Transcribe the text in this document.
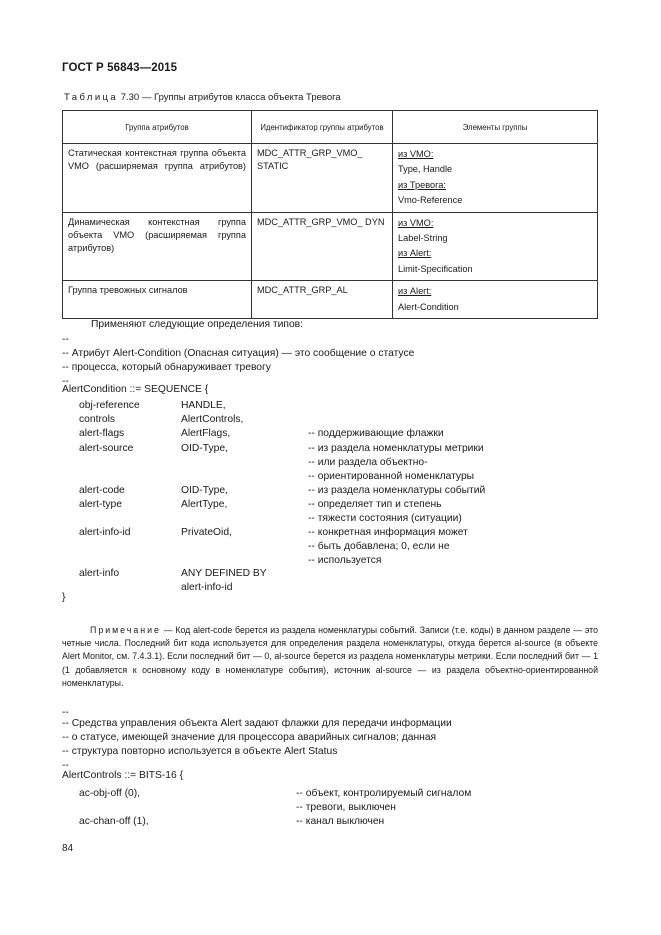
ГОСТ Р 56843—2015
Таблица 7.30 — Группы атрибутов класса объекта Тревога
Группа атрибутов	Идентификатор группы атрибутов	Элементы группы
Статическая контекстная группа объекта VMO (расширяемая группа атрибутов)	MDC_ATTR_GRP_VMO_ STATIC	из VMO:
Type, Handle
из Тревога:
Vmo-Reference

Динамическая контекстная группа объекта VMO (расширяемая группа атрибутов)	MDC_ATTR_GRP_VMO_ DYN	из VMO:
Label-String
из Alert:
Limit-Specification

Группа тревожных сигналов	MDC_ATTR_GRP_AL	из Alert:
Alert-Condition
Применяют следующие определения типов:
--
-- Атрибут Alert-Condition (Опасная ситуация) — это сообщение о статусе
-- процесса, который обнаруживает тревогу
--
AlertCondition ::= SEQUENCE {
obj-reference	HANDLE,
controls	AlertControls,
alert-flags	AlertFlags,	-- поддерживающие флажки
alert-source	OID-Type,	-- из раздела номенклатуры метрики
-- или раздела объектно-
-- ориентированной номенклатуры
alert-code	OID-Type,	-- из раздела номенклатуры событий
alert-type	AlertType,	-- определяет тип и степень
-- тяжести состояния (ситуации)
alert-info-id	PrivateOid,	-- конкретная информация может
-- быть добавлена; 0, если не
-- используется
alert-info	ANY DEFINED BY
alert-info-id
}
Примечание — Код alert-code берется из раздела номенклатуры событий. Записи (т.е. коды) в данном разделе — это четные числа. Последний бит кода используется для определения раздела номенклатуры, откуда берется al-source (в объекте Alert Monitor, см. 7.4.3.1). Если последний бит — 0, al-source берется из раздела номенклатуры метрики. Если последний бит — 1 (1 добавляется к основному коду в номенклатуре события), источник al-source — из раздела объектно-ориентированной номенклатуры.
--
-- Средства управления объекта Alert задают флажки для передачи информации
-- о статусе, имеющей значение для процессора аварийных сигналов; данная
-- структура повторно используется в объекте Alert Status
--
AlertControls ::= BITS-16 {
ac-obj-off (0),	-- объект, контролируемый сигналом
-- тревоги, выключен
ac-chan-off (1),	-- канал выключен
84
